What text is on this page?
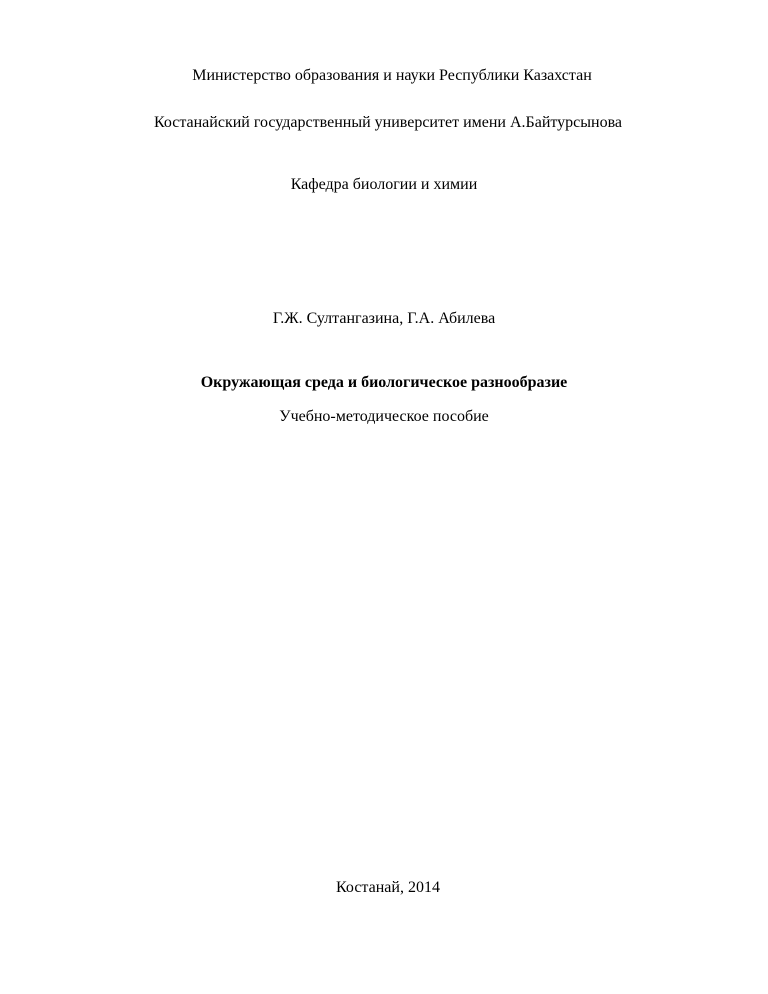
Министерство образования и науки Республики Казахстан
Костанайский государственный университет имени А.Байтурсынова
Кафедра биологии и химии
Г.Ж. Султангазина, Г.А. Абилева
Окружающая среда и биологическое разнообразие
Учебно-методическое пособие
Костанай, 2014
